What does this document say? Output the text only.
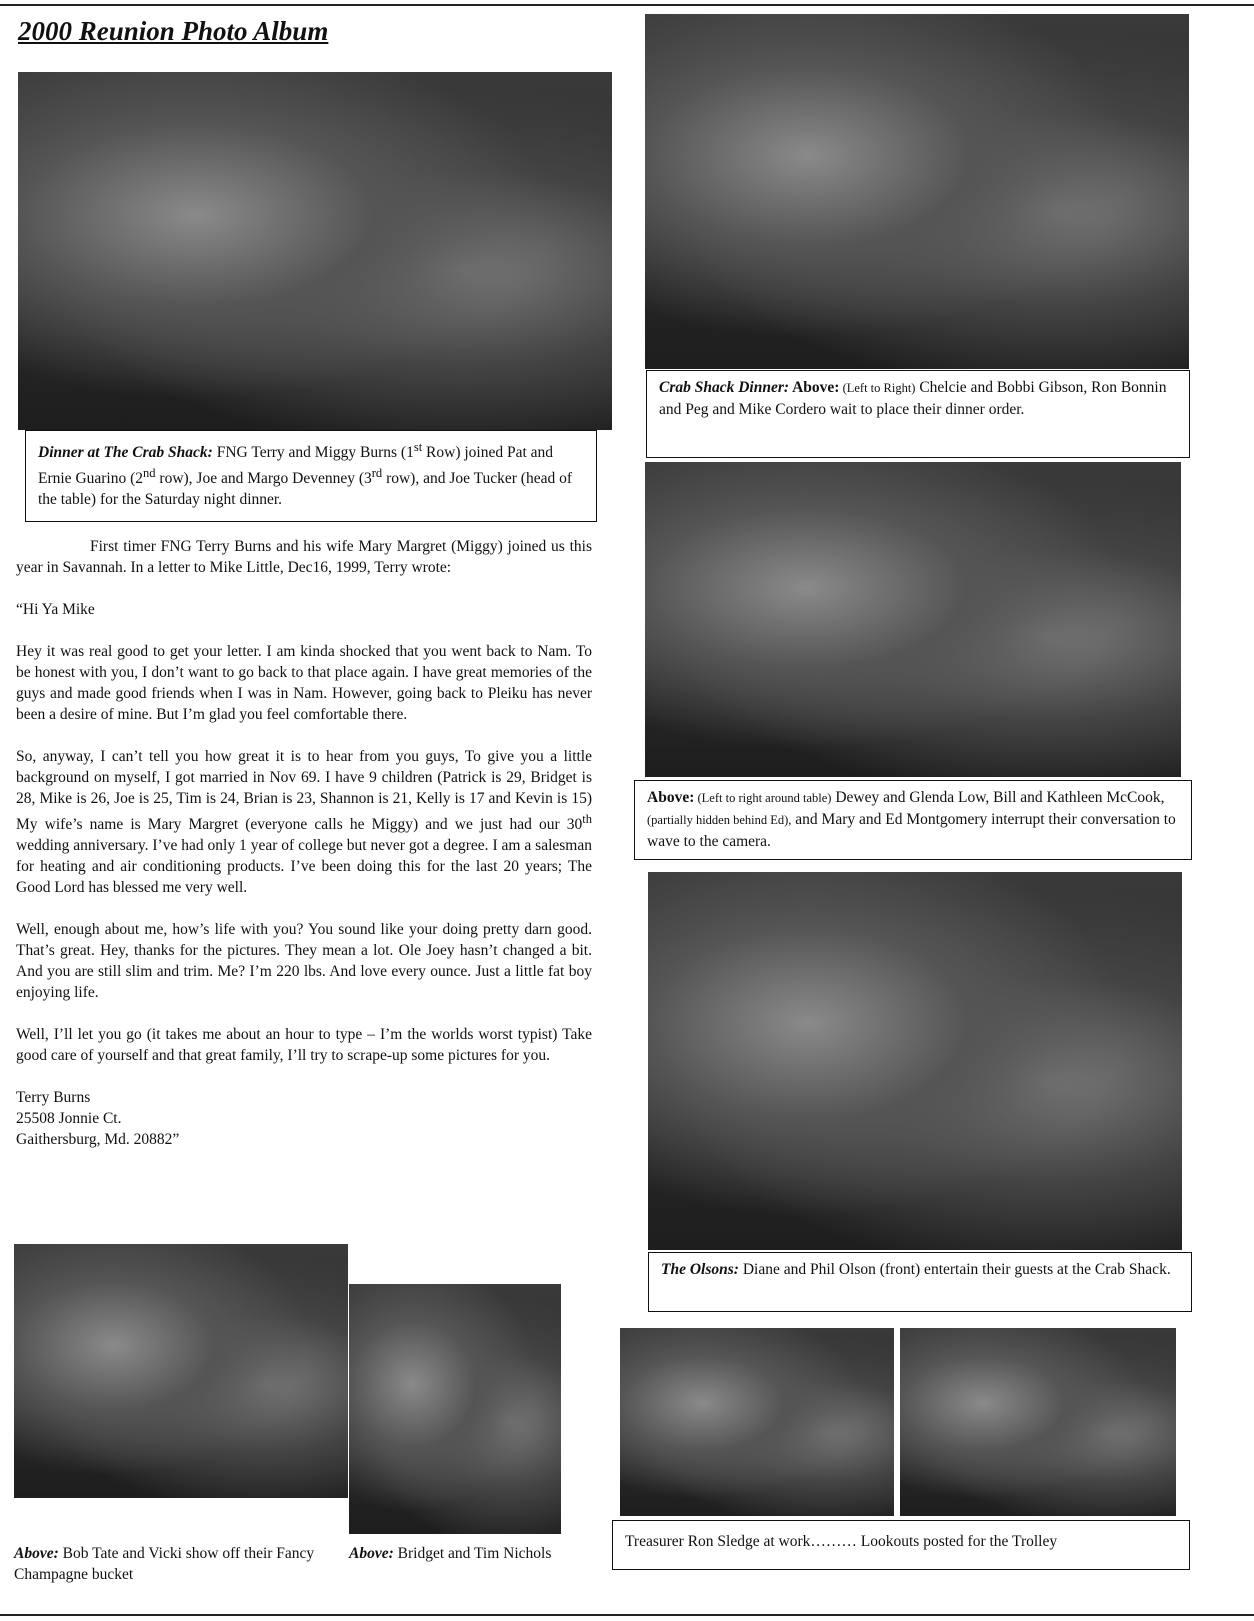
2000 Reunion Photo Album
Dinner at The Crab Shack: FNG Terry and Miggy Burns (1st Row) joined Pat and Ernie Guarino (2nd row), Joe and Margo Devenney (3rd row), and Joe Tucker (head of the table) for the Saturday night dinner.

First timer FNG Terry Burns and his wife Mary Margret (Miggy) joined us this year in Savannah. In a letter to Mike Little, Dec16, 1999, Terry wrote:

“Hi Ya Mike

Hey it was real good to get your letter. I am kinda shocked that you went back to Nam. To be honest with you, I don’t want to go back to that place again. I have great memories of the guys and made good friends when I was in Nam. However, going back to Pleiku has never been a desire of mine. But I’m glad you feel comfortable there.

So, anyway, I can’t tell you how great it is to hear from you guys, To give you a little background on myself, I got married in Nov 69. I have 9 children (Patrick is 29, Bridget is 28, Mike is 26, Joe is 25, Tim is 24, Brian is 23, Shannon is 21, Kelly is 17 and Kevin is 15) My wife’s name is Mary Margret (everyone calls he Miggy) and we just had our 30th wedding anniversary. I’ve had only 1 year of college but never got a degree. I am a salesman for heating and air conditioning products. I’ve been doing this for the last 20 years; The Good Lord has blessed me very well.

Well, enough about me, how’s life with you? You sound like your doing pretty darn good. That’s great. Hey, thanks for the pictures. They mean a lot. Ole Joey hasn’t changed a bit. And you are still slim and trim. Me? I’m 220 lbs. And love every ounce. Just a little fat boy enjoying life.

Well, I’ll let you go (it takes me about an hour to type – I’m the worlds worst typist) Take good care of yourself and that great family, I’ll try to scrape-up some pictures for you.

Terry Burns
25508 Jonnie Ct.
Gaithersburg, Md. 20882”
Above: Bob Tate and Vicki show off their Fancy Champagne bucket
Above: Bridget and Tim Nichols
Crab Shack Dinner: Above: (Left to Right) Chelcie and Bobbi Gibson, Ron Bonnin and Peg and Mike Cordero wait to place their dinner order.
Above: (Left to right around table) Dewey and Glenda Low, Bill and Kathleen McCook, (partially hidden behind Ed), and Mary and Ed Montgomery interrupt their conversation to wave to the camera.
The Olsons: Diane and Phil Olson (front) entertain their guests at the Crab Shack.
Treasurer Ron Sledge at work……… Lookouts posted for the Trolley
